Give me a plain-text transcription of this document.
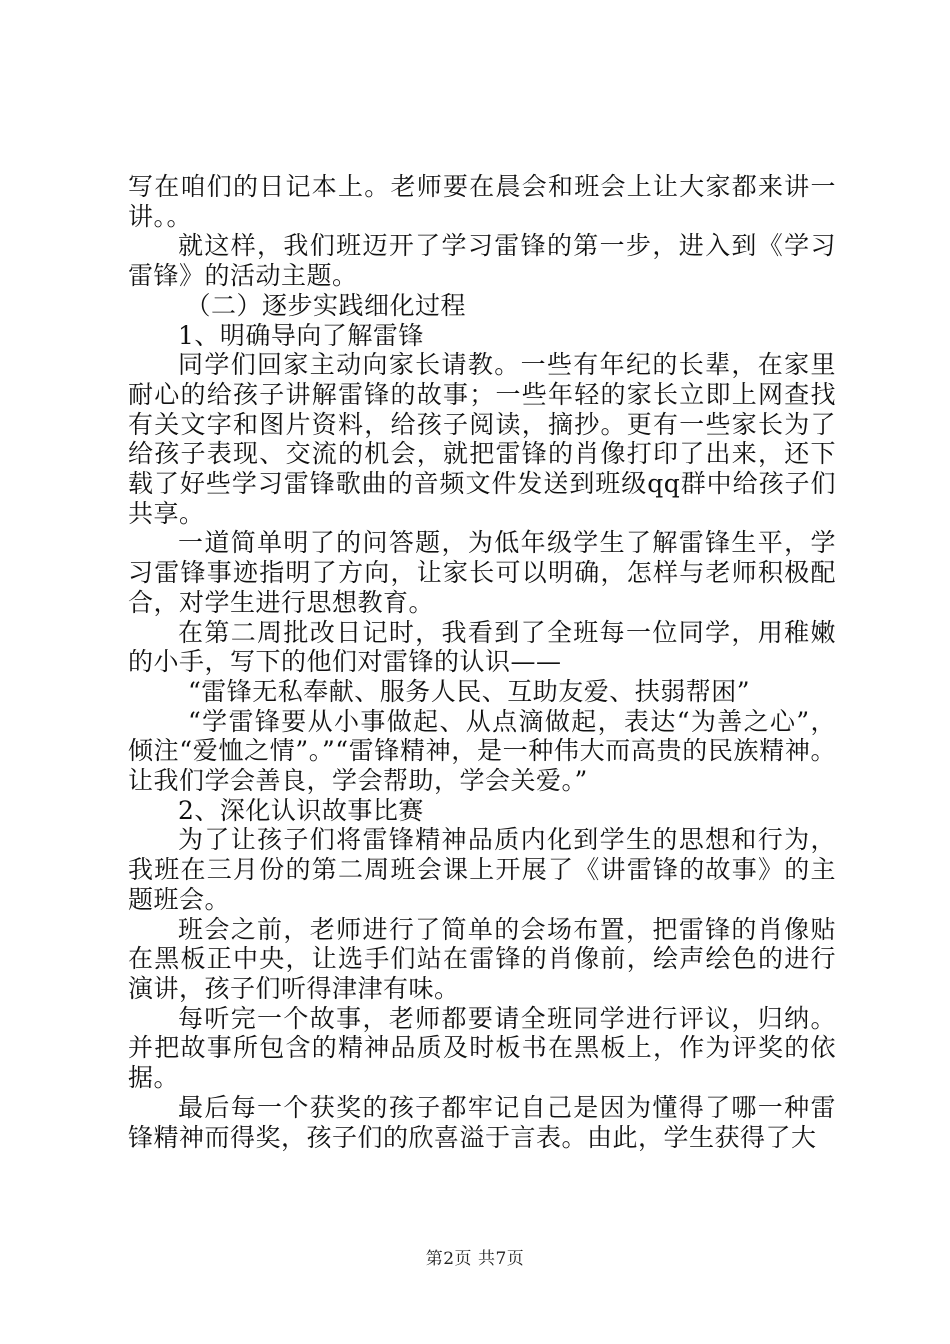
写在咱们的日记本上。老师要在晨会和班会上让大家都来讲一讲。。

就这样，我们班迈开了学习雷锋的第一步，进入到《学习雷锋》的活动主题。

（二）逐步实践细化过程

1、明确导向了解雷锋

同学们回家主动向家长请教。一些有年纪的长辈，在家里耐心的给孩子讲解雷锋的故事；一些年轻的家长立即上网查找有关文字和图片资料，给孩子阅读，摘抄。更有一些家长为了给孩子表现、交流的机会，就把雷锋的肖像打印了出来，还下载了好些学习雷锋歌曲的音频文件发送到班级qq群中给孩子们共享。

一道简单明了的问答题，为低年级学生了解雷锋生平，学习雷锋事迹指明了方向，让家长可以明确，怎样与老师积极配合，对学生进行思想教育。

在第二周批改日记时，我看到了全班每一位同学，用稚嫩的小手，写下的他们对雷锋的认识——

“雷锋无私奉献、服务人民、互助友爱、扶弱帮困”

“学雷锋要从小事做起、从点滴做起，表达“为善之心”，倾注“爱恤之情”。”“雷锋精神，是一种伟大而高贵的民族精神。让我们学会善良，学会帮助，学会关爱。”

2、深化认识故事比赛

为了让孩子们将雷锋精神品质内化到学生的思想和行为，我班在三月份的第二周班会课上开展了《讲雷锋的故事》的主题班会。

班会之前，老师进行了简单的会场布置，把雷锋的肖像贴在黑板正中央，让选手们站在雷锋的肖像前，绘声绘色的进行演讲，孩子们听得津津有味。

每听完一个故事，老师都要请全班同学进行评议，归纳。并把故事所包含的精神品质及时板书在黑板上，作为评奖的依据。

最后每一个获奖的孩子都牢记自己是因为懂得了哪一种雷锋精神而得奖，孩子们的欣喜溢于言表。由此，学生获得了大

第2页 共7页
